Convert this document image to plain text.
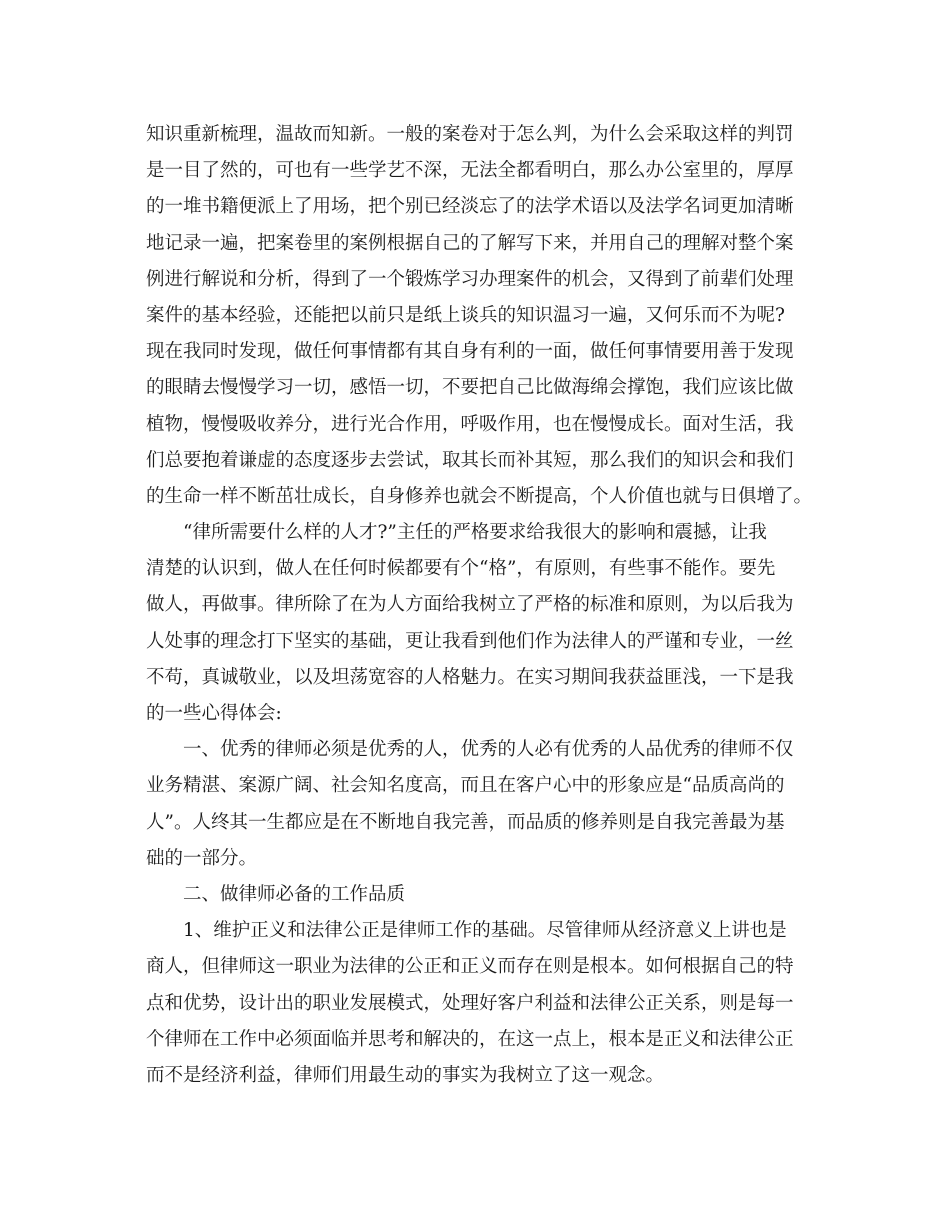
知识重新梳理，温故而知新。一般的案卷对于怎么判，为什么会采取这样的判罚
是一目了然的，可也有一些学艺不深，无法全都看明白，那么办公室里的，厚厚
的一堆书籍便派上了用场，把个别已经淡忘了的法学术语以及法学名词更加清晰
地记录一遍，把案卷里的案例根据自己的了解写下来，并用自己的理解对整个案
例进行解说和分析，得到了一个锻炼学习办理案件的机会，又得到了前辈们处理
案件的基本经验，还能把以前只是纸上谈兵的知识温习一遍，又何乐而不为呢?
现在我同时发现，做任何事情都有其自身有利的一面，做任何事情要用善于发现
的眼睛去慢慢学习一切，感悟一切，不要把自己比做海绵会撑饱，我们应该比做
植物，慢慢吸收养分，进行光合作用，呼吸作用，也在慢慢成长。面对生活，我
们总要抱着谦虚的态度逐步去尝试，取其长而补其短，那么我们的知识会和我们
的生命一样不断茁壮成长，自身修养也就会不断提高，个人价值也就与日俱增了。
“律所需要什么样的人才?”主任的严格要求给我很大的影响和震撼，让我
清楚的认识到，做人在任何时候都要有个“格”，有原则，有些事不能作。要先
做人，再做事。律所除了在为人方面给我树立了严格的标准和原则，为以后我为
人处事的理念打下坚实的基础，更让我看到他们作为法律人的严谨和专业，一丝
不苟，真诚敬业，以及坦荡宽容的人格魅力。在实习期间我获益匪浅，一下是我
的一些心得体会:
一、优秀的律师必须是优秀的人，优秀的人必有优秀的人品优秀的律师不仅
业务精湛、案源广阔、社会知名度高，而且在客户心中的形象应是“品质高尚的
人”。人终其一生都应是在不断地自我完善，而品质的修养则是自我完善最为基
础的一部分。
二、做律师必备的工作品质
1、维护正义和法律公正是律师工作的基础。尽管律师从经济意义上讲也是
商人，但律师这一职业为法律的公正和正义而存在则是根本。如何根据自己的特
点和优势，设计出的职业发展模式，处理好客户利益和法律公正关系，则是每一
个律师在工作中必须面临并思考和解决的，在这一点上，根本是正义和法律公正
而不是经济利益，律师们用最生动的事实为我树立了这一观念。
